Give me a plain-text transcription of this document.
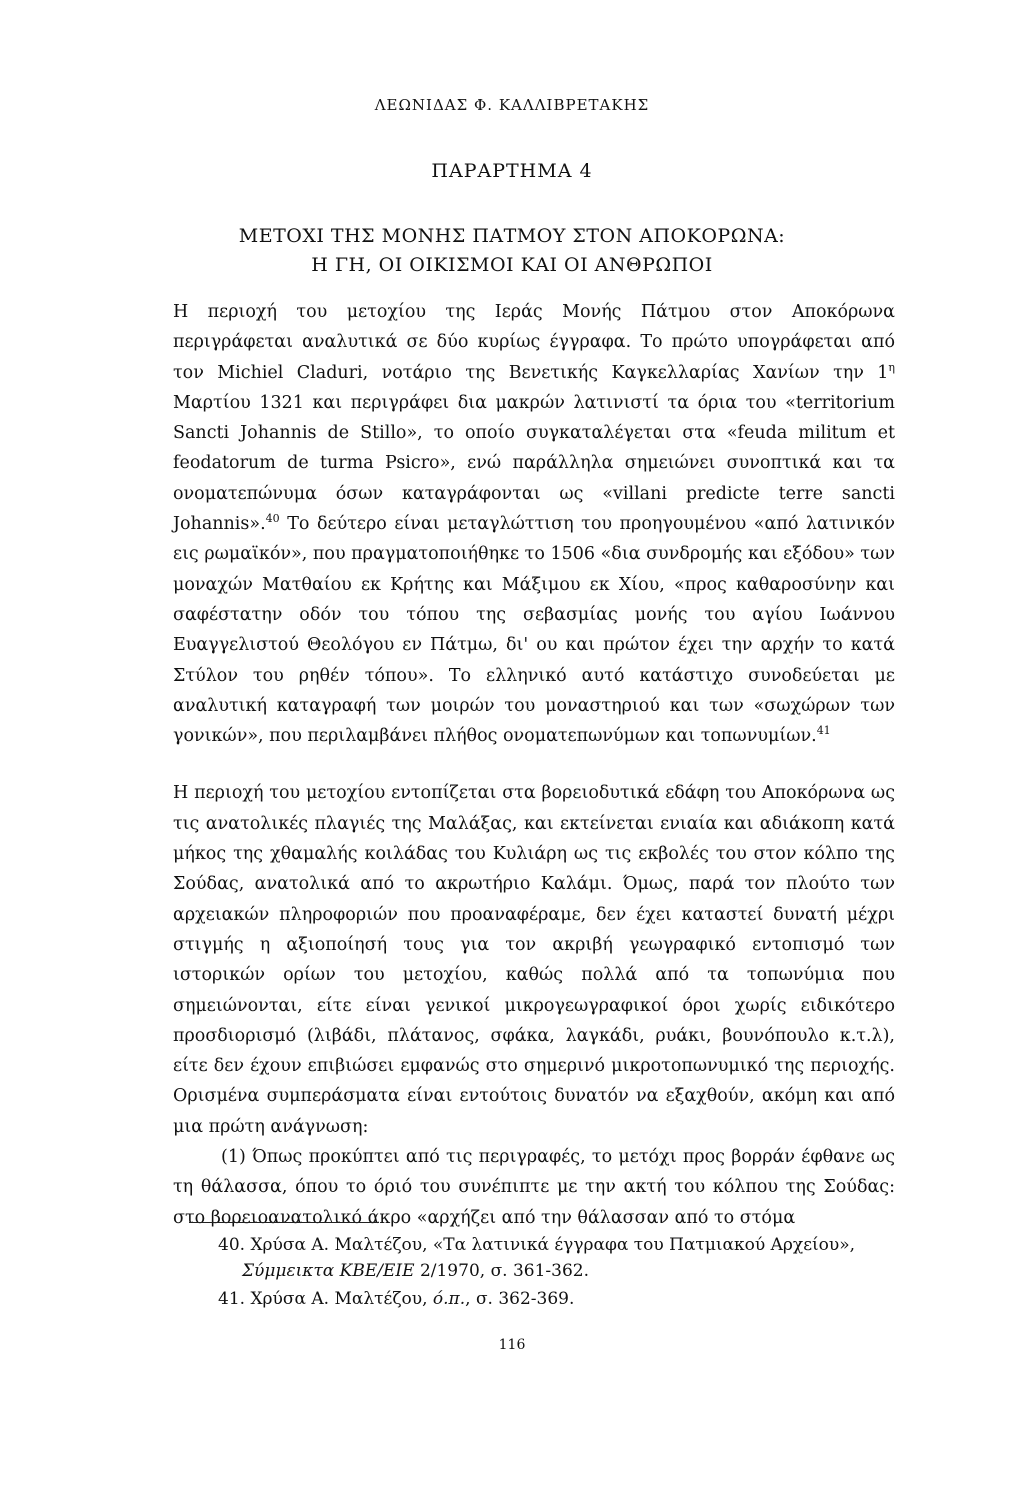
ΛΕΩΝΙΔΑΣ Φ. ΚΑΛΛΙΒΡΕΤΑΚΗΣ
ΠΑΡΑΡΤΗΜΑ 4
ΜΕΤΟΧΙ ΤΗΣ ΜΟΝΗΣ ΠΑΤΜΟΥ ΣΤΟΝ ΑΠΟΚΟΡΩΝΑ:
Η ΓΗ, ΟΙ ΟΙΚΙΣΜΟΙ ΚΑΙ ΟΙ ΑΝΘΡΩΠΟΙ

Η περιοχή του μετοχίου της Ιεράς Μονής Πάτμου στον Αποκόρωνα περιγράφεται αναλυτικά σε δύο κυρίως έγγραφα. Το πρώτο υπογράφεται από τον Michiel Claduri, νοτάριο της Βενετικής Καγκελλαρίας Χανίων την $1^\eta$ Μαρτίου 1321 και περιγράφει δια μακρών λατινιστί τα όρια του «territorium Sancti Johannis de Stillo», το οποίο συγκαταλέγεται στα «feuda militum et feodatorum de turma Psicro», ενώ παράλληλα σημειώνει συνοπτικά και τα ονοματεπώνυμα όσων καταγράφονται ως «villani predicte terre sancti Johannis».$^{40}$ Το δεύτερο είναι μεταγλώττιση του προηγουμένου «από λατινικόν εις ρωμαϊκόν», που πραγματοποιήθηκε το 1506 «δια συνδρομής και εξόδου» των μοναχών Ματθαίου εκ Κρήτης και Μάξιμου εκ Χίου, «προς καθαροσύνην και σαφέστατην οδόν του τόπου της σεβασμίας μονής του αγίου Ιωάννου Ευαγγελιστού Θεολόγου εν Πάτμω, δι' ου και πρώτον έχει την αρχήν το κατά Στύλον του ρηθέν τόπου». Το ελληνικό αυτό κατάστιχο συνοδεύεται με αναλυτική καταγραφή των μοιρών του μοναστηριού και των «σωχώρων των γονικών», που περιλαμβάνει πλήθος ονοματεπωνύμων και τοπωνυμίων.$^{41}$

Η περιοχή του μετοχίου εντοπίζεται στα βορειοδυτικά εδάφη του Αποκόρωνα ως τις ανατολικές πλαγιές της Μαλάξας, και εκτείνεται ενιαία και αδιάκοπη κατά μήκος της χθαμαλής κοιλάδας του Κυλιάρη ως τις εκβολές του στον κόλπο της Σούδας, ανατολικά από το ακρωτήριο Καλάμι. Όμως, παρά τον πλούτο των αρχειακών πληροφοριών που προαναφέραμε, δεν έχει καταστεί δυνατή μέχρι στιγμής η αξιοποίησή τους για τον ακριβή γεωγραφικό εντοπισμό των ιστορικών ορίων του μετοχίου, καθώς πολλά από τα τοπωνύμια που σημειώνονται, είτε είναι γενικοί μικρογεωγραφικοί όροι χωρίς ειδικότερο προσδιορισμό (λιβάδι, πλάτανος, σφάκα, λαγκάδι, ρυάκι, βουνόπουλο κ.τ.λ), είτε δεν έχουν επιβιώσει εμφανώς στο σημερινό μικροτοπωνυμικό της περιοχής. Ορισμένα συμπεράσματα είναι εντούτοις δυνατόν να εξαχθούν, ακόμη και από μια πρώτη ανάγνωση:

(1) Όπως προκύπτει από τις περιγραφές, το μετόχι προς βορράν έφθανε ως τη θάλασσα, όπου το όριό του συνέπιπτε με την ακτή του κόλπου της Σούδας: στο βορειοανατολικό άκρο «αρχήζει από την θάλασσαν από το στόμα

40. Χρύσα Α. Μαλτέζου, «Τα λατινικά έγγραφα του Πατμιακού Αρχείου», Σύμμεικτα ΚΒΕ/ΕΙΕ 2/1970, σ. 361-362.

41. Χρύσα Α. Μαλτέζου, ό.π., σ. 362-369.

116
